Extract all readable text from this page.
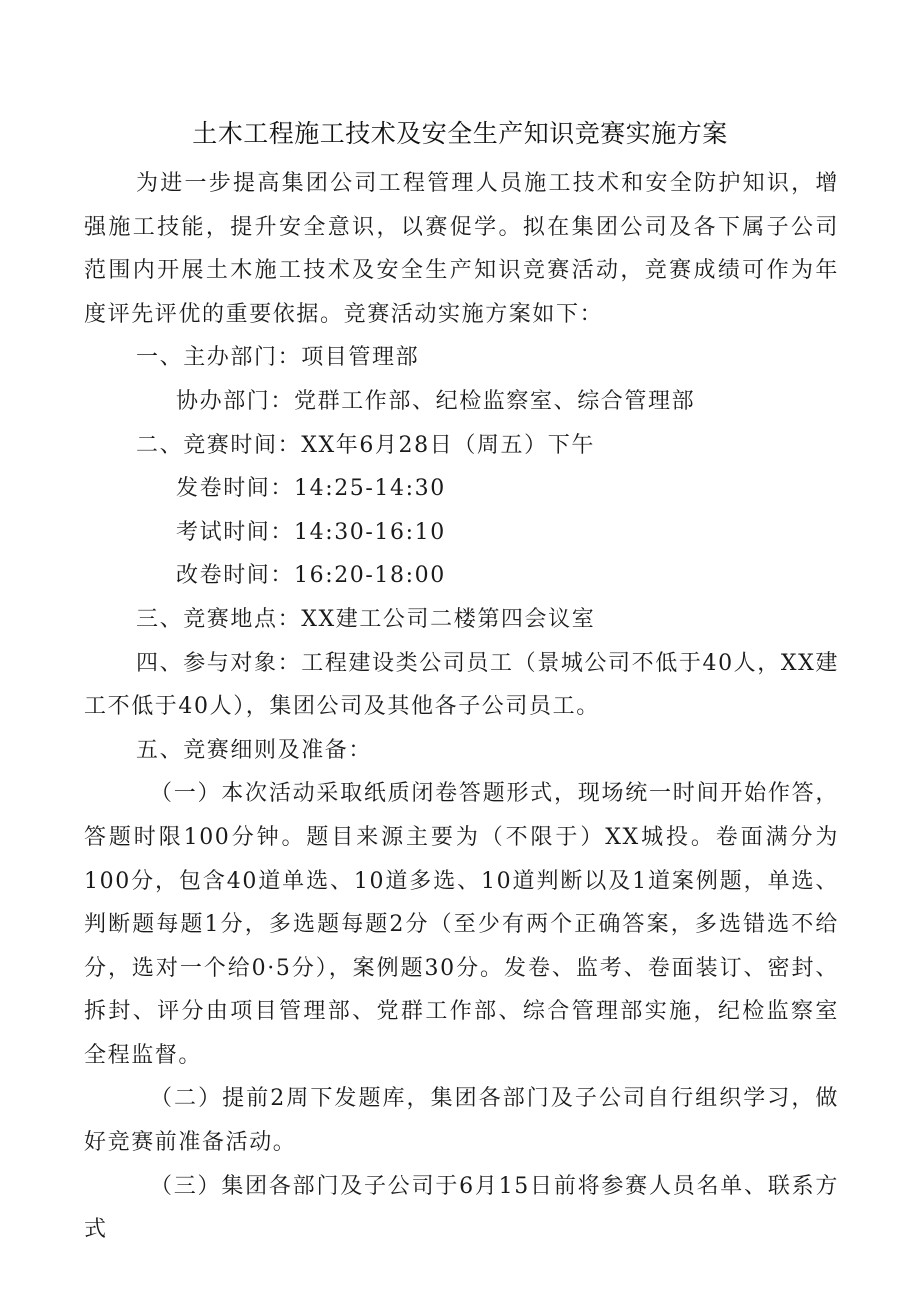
土木工程施工技术及安全生产知识竞赛实施方案

为进一步提高集团公司工程管理人员施工技术和安全防护知识，增强施工技能，提升安全意识，以赛促学。拟在集团公司及各下属子公司范围内开展土木施工技术及安全生产知识竞赛活动，竞赛成绩可作为年度评先评优的重要依据。竞赛活动实施方案如下：

一、主办部门：项目管理部

协办部门：党群工作部、纪检监察室、综合管理部

二、竞赛时间：XX年6月28日（周五）下午

发卷时间：14:25-14:30

考试时间：14:30-16:10

改卷时间：16:20-18:00

三、竞赛地点：XX建工公司二楼第四会议室

四、参与对象：工程建设类公司员工（景城公司不低于40人，XX建工不低于40人），集团公司及其他各子公司员工。

五、竞赛细则及准备：

（一）本次活动采取纸质闭卷答题形式，现场统一时间开始作答，答题时限100分钟。题目来源主要为（不限于）XX城投。卷面满分为100分，包含40道单选、10道多选、10道判断以及1道案例题，单选、判断题每题1分，多选题每题2分（至少有两个正确答案，多选错选不给分，选对一个给0·5分），案例题30分。发卷、监考、卷面装订、密封、拆封、评分由项目管理部、党群工作部、综合管理部实施，纪检监察室全程监督。

（二）提前2周下发题库，集团各部门及子公司自行组织学习，做好竞赛前准备活动。

（三）集团各部门及子公司于6月15日前将参赛人员名单、联系方式
